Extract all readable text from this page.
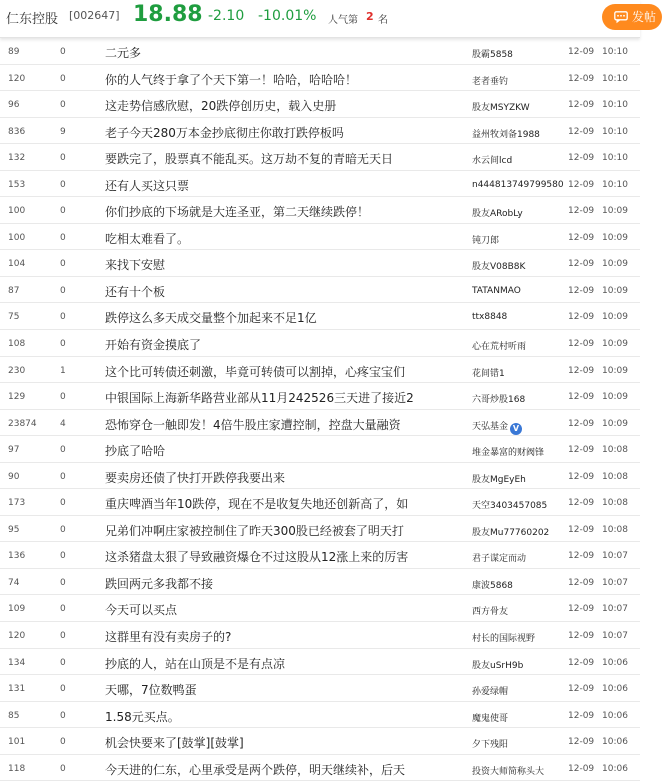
仁东控股 [002647] 18.88 -2.10 -10.01% 人气第 2 名	发帖
89	0	二元多	股霸5858	12-09 10:10
120	0	你的人气终于拿了个天下第一！哈哈，哈哈哈！	老者垂钓	12-09 10:10
96	0	这走势信感欣慰，20跌停创历史，载入史册	股友MSYZKW	12-09 10:10
836	9	老子今天280万本金抄底彻庄你敢打跌停板吗	益州牧刘备1988	12-09 10:10
132	0	要跌完了，股票真不能乱买。这万劫不复的青暗无天日	水云间lcd	12-09 10:10
153	0	还有人买这只票	n444813749799580 12-09 10:10
100	0	你们抄底的下场就是大连圣亚，第二天继续跌停！	股友ARobLy	12-09 10:09
100	0	吃相太难看了。	钝刀郎	12-09 10:09
104	0	来找下安慰	股友V08B8K	12-09 10:09
87	0	还有十个板	TATANMAO	12-09 10:09
75	0	跌停这么多天成交量整个加起来不足1亿	ttx8848	12-09 10:09
108	0	开始有资金摸底了	心在荒村听雨	12-09 10:09
230	1	这个比可转债还刺激，毕竟可转债可以割掉，心疼宝宝们	花间错1	12-09 10:09
129	0	中银国际上海新华路营业部从11月242526三天进了接近2	六哥炒股168	12-09 10:09
23874	4	恐怖穿仓一触即发！4倍牛股庄家遭控制，控盘大量融资	天弘基金 V	12-09 10:09
97	0	抄底了哈哈	堆金暴富的财阀锋	12-09 10:08
90	0	要卖房还债了快打开跌停我要出来	股友MgEyEh	12-09 10:08
173	0	重庆啤酒当年10跌停，现在不是收复失地还创新高了，如	天空3403457085	12-09 10:08
95	0	兄弟们冲啊庄家被控制住了昨天300股已经被套了明天打	股友Mu77760202	12-09 10:08
136	0	这杀猪盘太狠了导致融资爆仓不过这股从12涨上来的厉害	君子谋定而动	12-09 10:07
74	0	跌回两元多我都不接	康波5868	12-09 10:07
109	0	今天可以买点	西方骨友	12-09 10:07
120	0	这群里有没有卖房子的?	村长的国际视野	12-09 10:07
134	0	抄底的人，站在山顶是不是有点凉	股友uSrH9b	12-09 10:06
131	0	天哪，7位数鸭蛋	孙爱绿帽	12-09 10:06
85	0	1.58元买点。	魔鬼使哥	12-09 10:06
101	0	机会快要来了[鼓掌][鼓掌]	夕下残阳	12-09 10:06
118	0	今天进的仁东，心里承受是两个跌停，明天继续补，后天	投资大师简称头大	12-09 10:06
